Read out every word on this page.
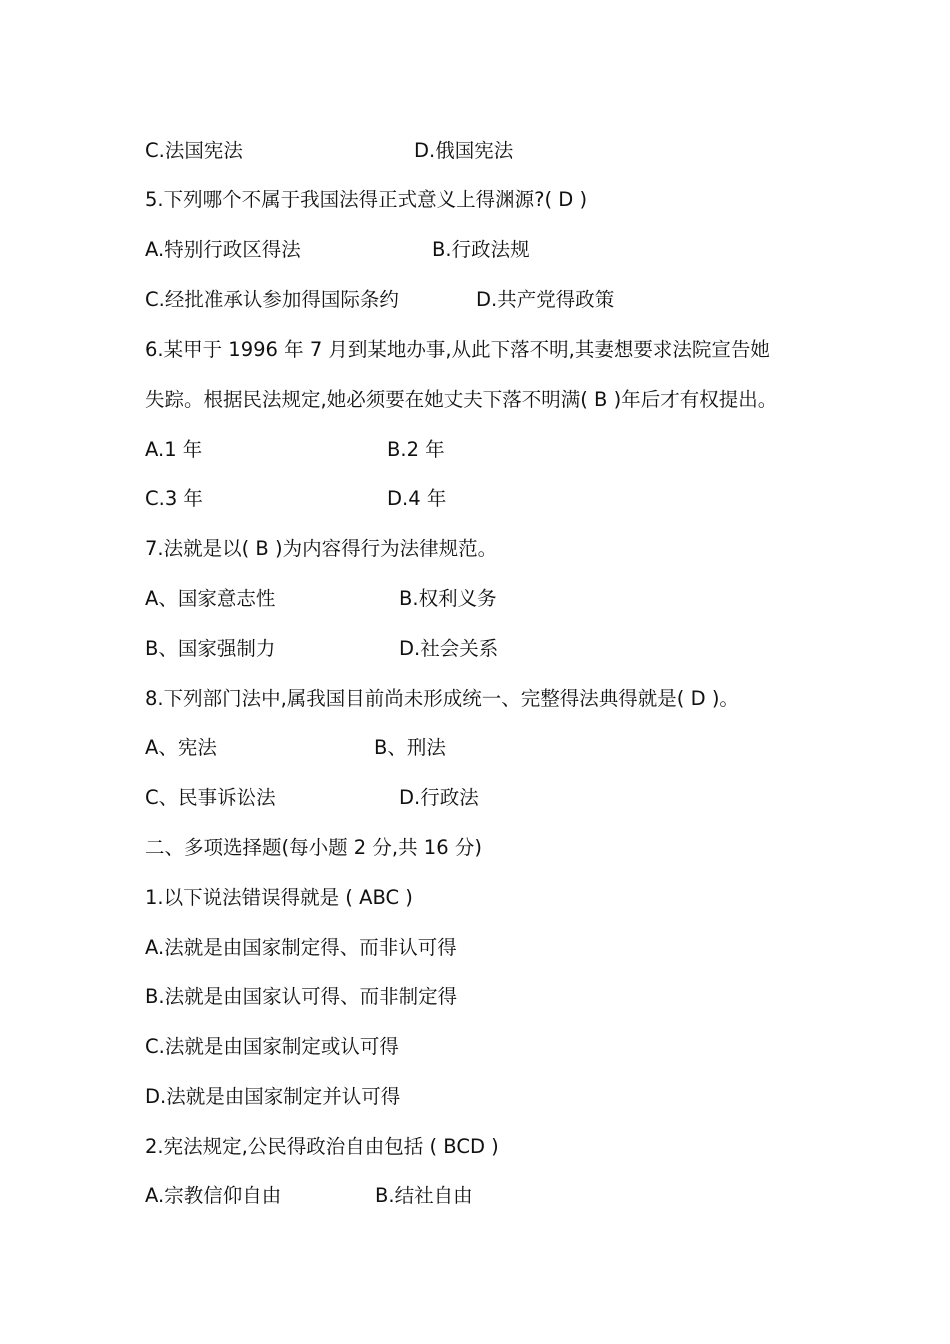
C.法国宪法	D.俄国宪法
5.下列哪个不属于我国法得正式意义上得渊源?( D )
A.特别行政区得法	B.行政法规
C.经批准承认参加得国际条约	D.共产党得政策
6.某甲于 1996 年 7 月到某地办事,从此下落不明,其妻想要求法院宣告她
失踪。根据民法规定,她必须要在她丈夫下落不明满( B )年后才有权提出。
A.1 年	B.2 年
C.3 年	D.4 年
7.法就是以( B )为内容得行为法律规范。
A、国家意志性	B.权利义务
B、国家强制力	D.社会关系
8.下列部门法中,属我国目前尚未形成统一、完整得法典得就是( D )。
A、宪法	B、刑法
C、民事诉讼法	D.行政法
二、多项选择题(每小题 2 分,共 16 分)
1.以下说法错误得就是 ( ABC )
A.法就是由国家制定得、而非认可得
B.法就是由国家认可得、而非制定得
C.法就是由国家制定或认可得
D.法就是由国家制定并认可得
2.宪法规定,公民得政治自由包括 ( BCD )
A.宗教信仰自由	B.结社自由
